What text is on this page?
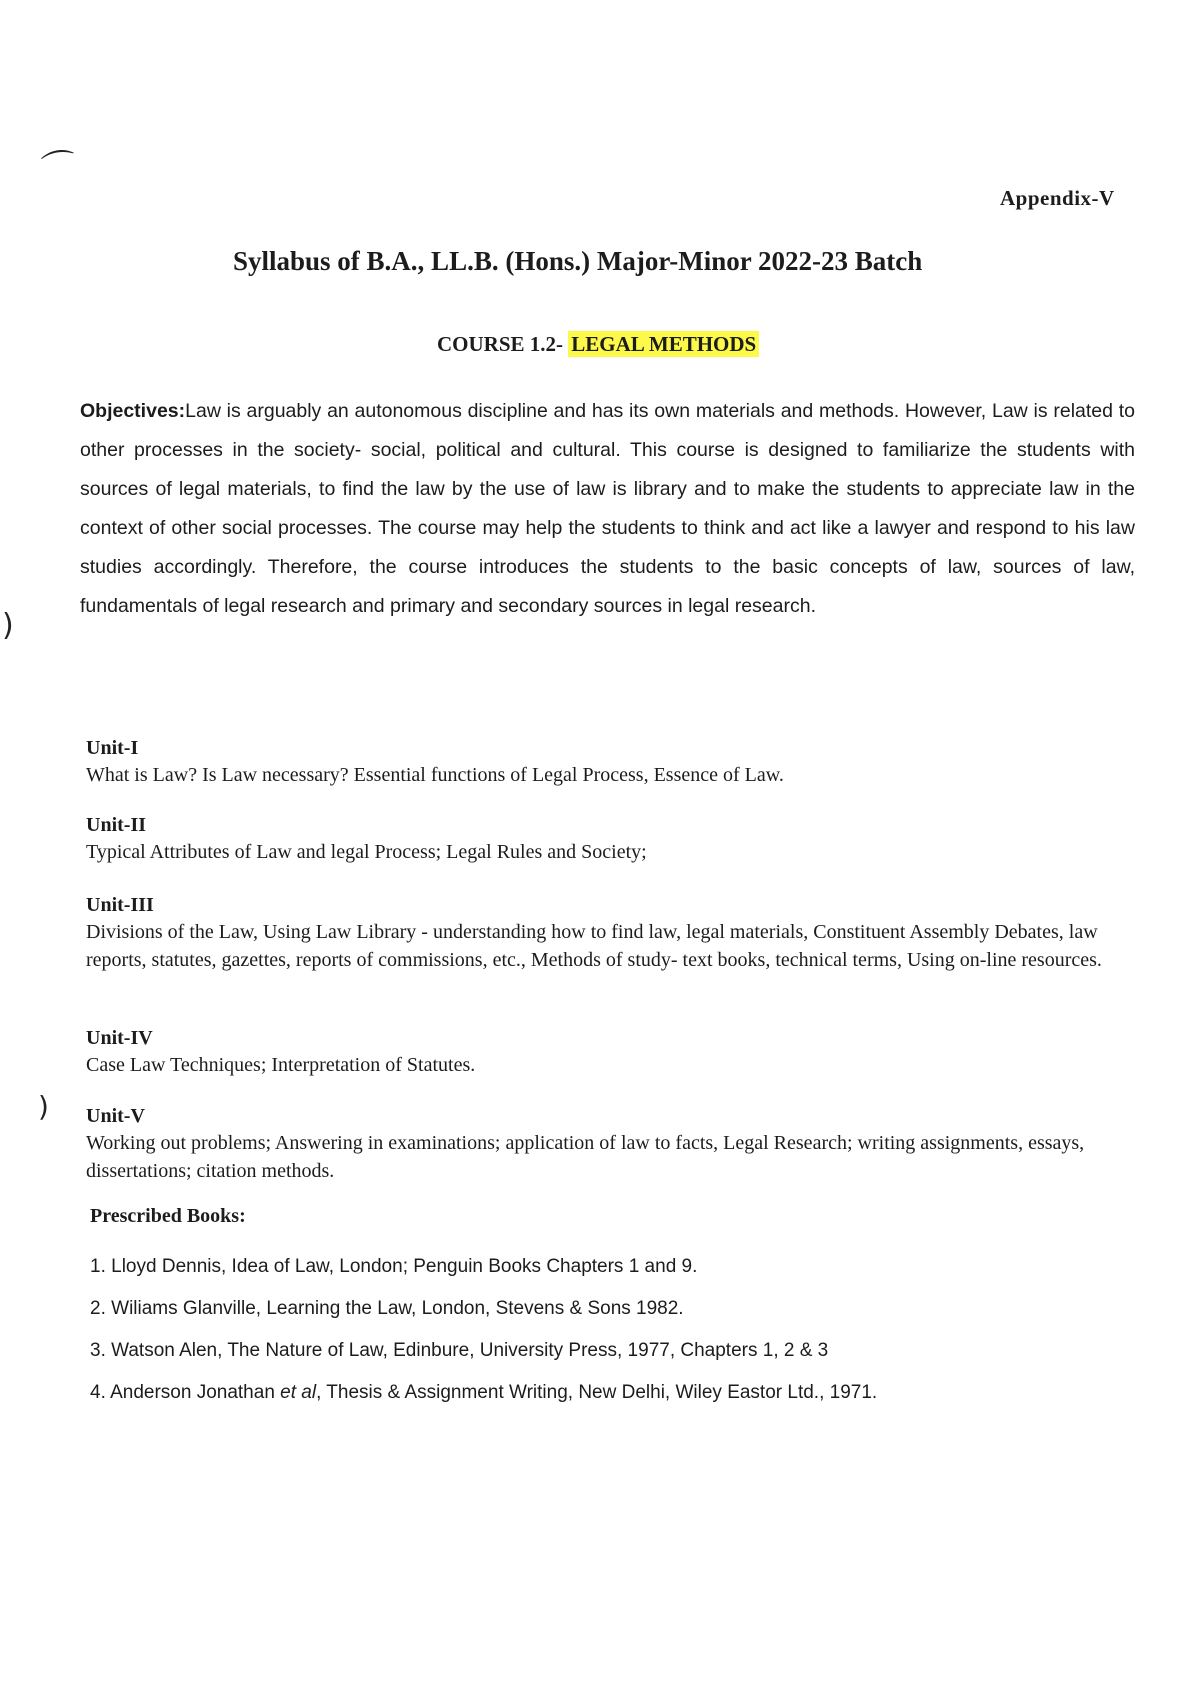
⌒
)
)
Appendix-V
Syllabus of B.A., LL.B. (Hons.) Major-Minor 2022-23 Batch
COURSE 1.2- LEGAL METHODS
Objectives:Law is arguably an autonomous discipline and has its own materials and methods. However, Law is related to other processes in the society- social, political and cultural. This course is designed to familiarize the students with sources of legal materials, to find the law by the use of law is library and to make the students to appreciate law in the context of other social processes. The course may help the students to think and act like a lawyer and respond to his law studies accordingly. Therefore, the course introduces the students to the basic concepts of law, sources of law, fundamentals of legal research and primary and secondary sources in legal research.
Unit-I
What is Law? Is Law necessary? Essential functions of Legal Process, Essence of Law.
Unit-II
Typical Attributes of Law and legal Process; Legal Rules and Society;
Unit-III
Divisions of the Law, Using Law Library - understanding how to find law, legal materials, Constituent Assembly Debates, law reports, statutes, gazettes, reports of commissions, etc., Methods of study- text books, technical terms, Using on-line resources.
Unit-IV
Case Law Techniques; Interpretation of Statutes.
Unit-V
Working out problems; Answering in examinations; application of law to facts, Legal Research; writing assignments, essays, dissertations; citation methods.
Prescribed Books:
1. Lloyd Dennis, Idea of Law, London; Penguin Books Chapters 1 and 9.
2. Wiliams Glanville, Learning the Law, London, Stevens & Sons 1982.
3. Watson Alen, The Nature of Law, Edinbure, University Press, 1977, Chapters 1, 2 & 3
4. Anderson Jonathan et al, Thesis & Assignment Writing, New Delhi, Wiley Eastor Ltd., 1971.
